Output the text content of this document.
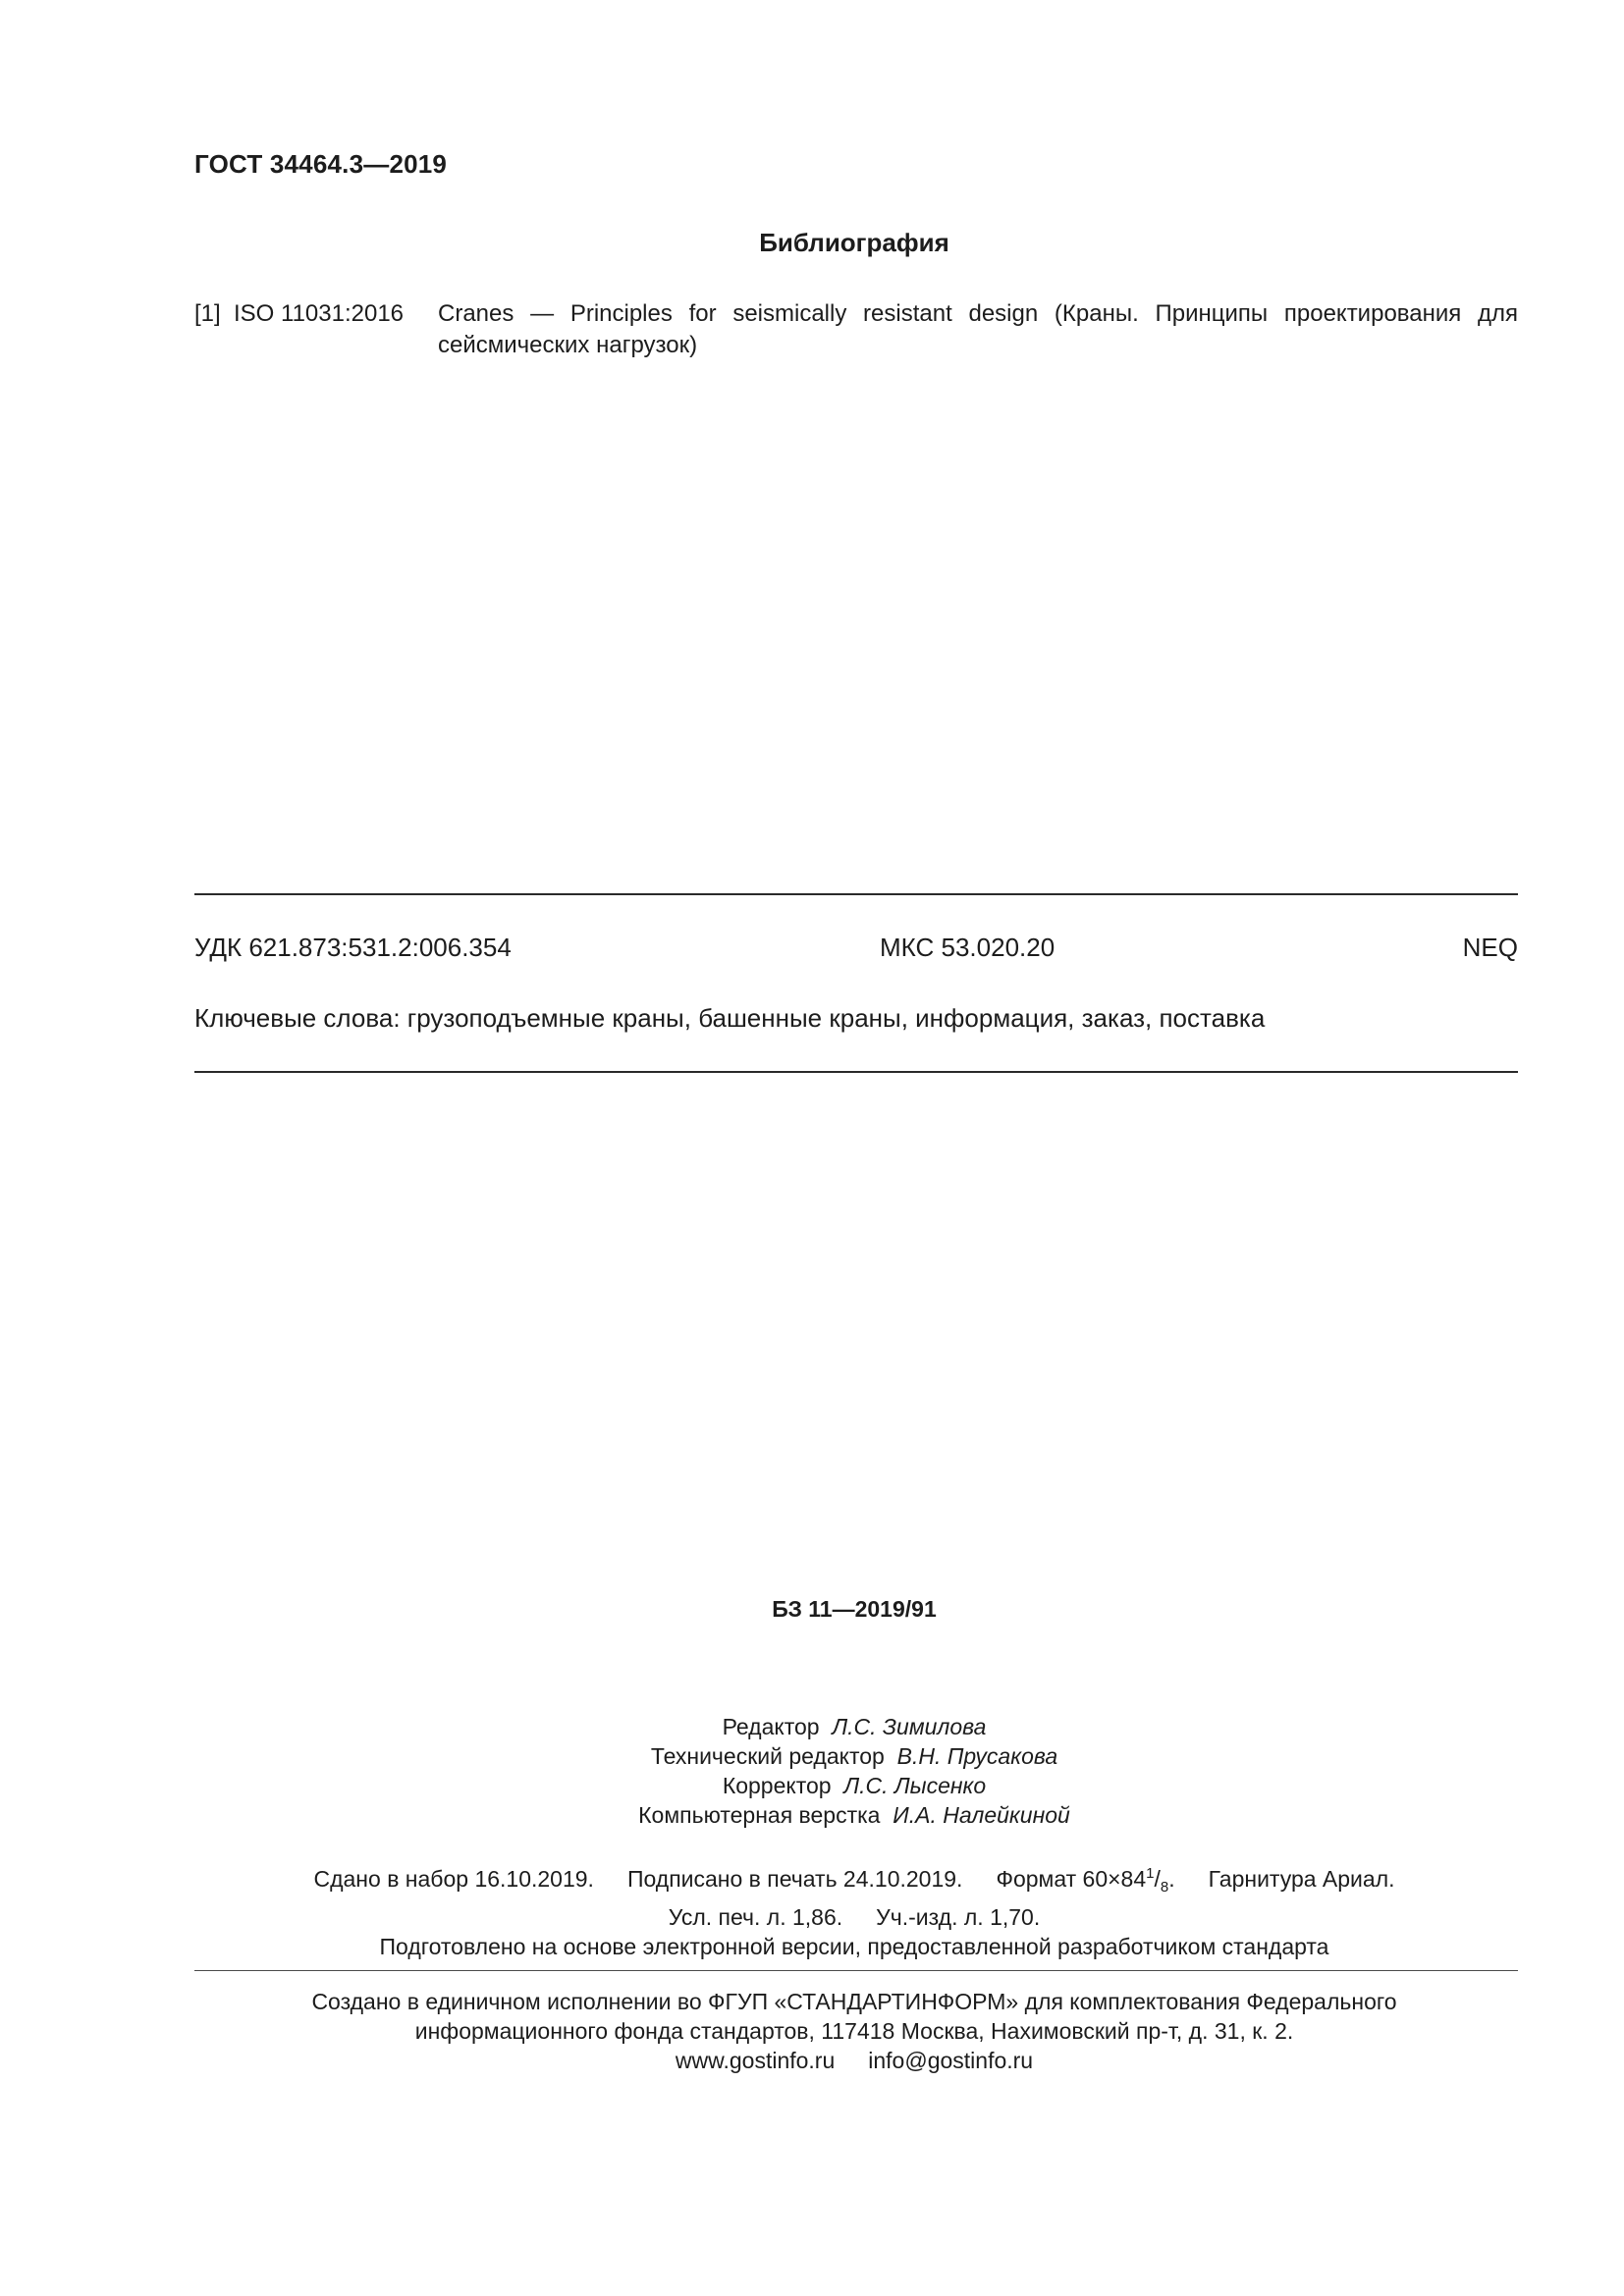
ГОСТ 34464.3—2019
Библиография
[1] ISO 11031:2016 Cranes — Principles for seismically resistant design (Краны. Принципы проектирования для сейсмических нагрузок)
УДК 621.873:531.2:006.354	МКС 53.020.20	NEQ
Ключевые слова: грузоподъемные краны, башенные краны, информация, заказ, поставка
БЗ 11—2019/91
Редактор Л.С. Зимилова
Технический редактор В.Н. Прусакова
Корректор Л.С. Лысенко
Компьютерная верстка И.А. Налейкиной
Сдано в набор 16.10.2019. Подписано в печать 24.10.2019. Формат $60\times 84^1/_8$. Гарнитура Ариал.
Усл. печ. л. 1,86. Уч.-изд. л. 1,70.
Подготовлено на основе электронной версии, предоставленной разработчиком стандарта
Создано в единичном исполнении во ФГУП «СТАНДАРТИНФОРМ» для комплектования Федерального
информационного фонда стандартов, 117418 Москва, Нахимовский пр-т, д. 31, к. 2.
www.gostinfo.ru info@gostinfo.ru
